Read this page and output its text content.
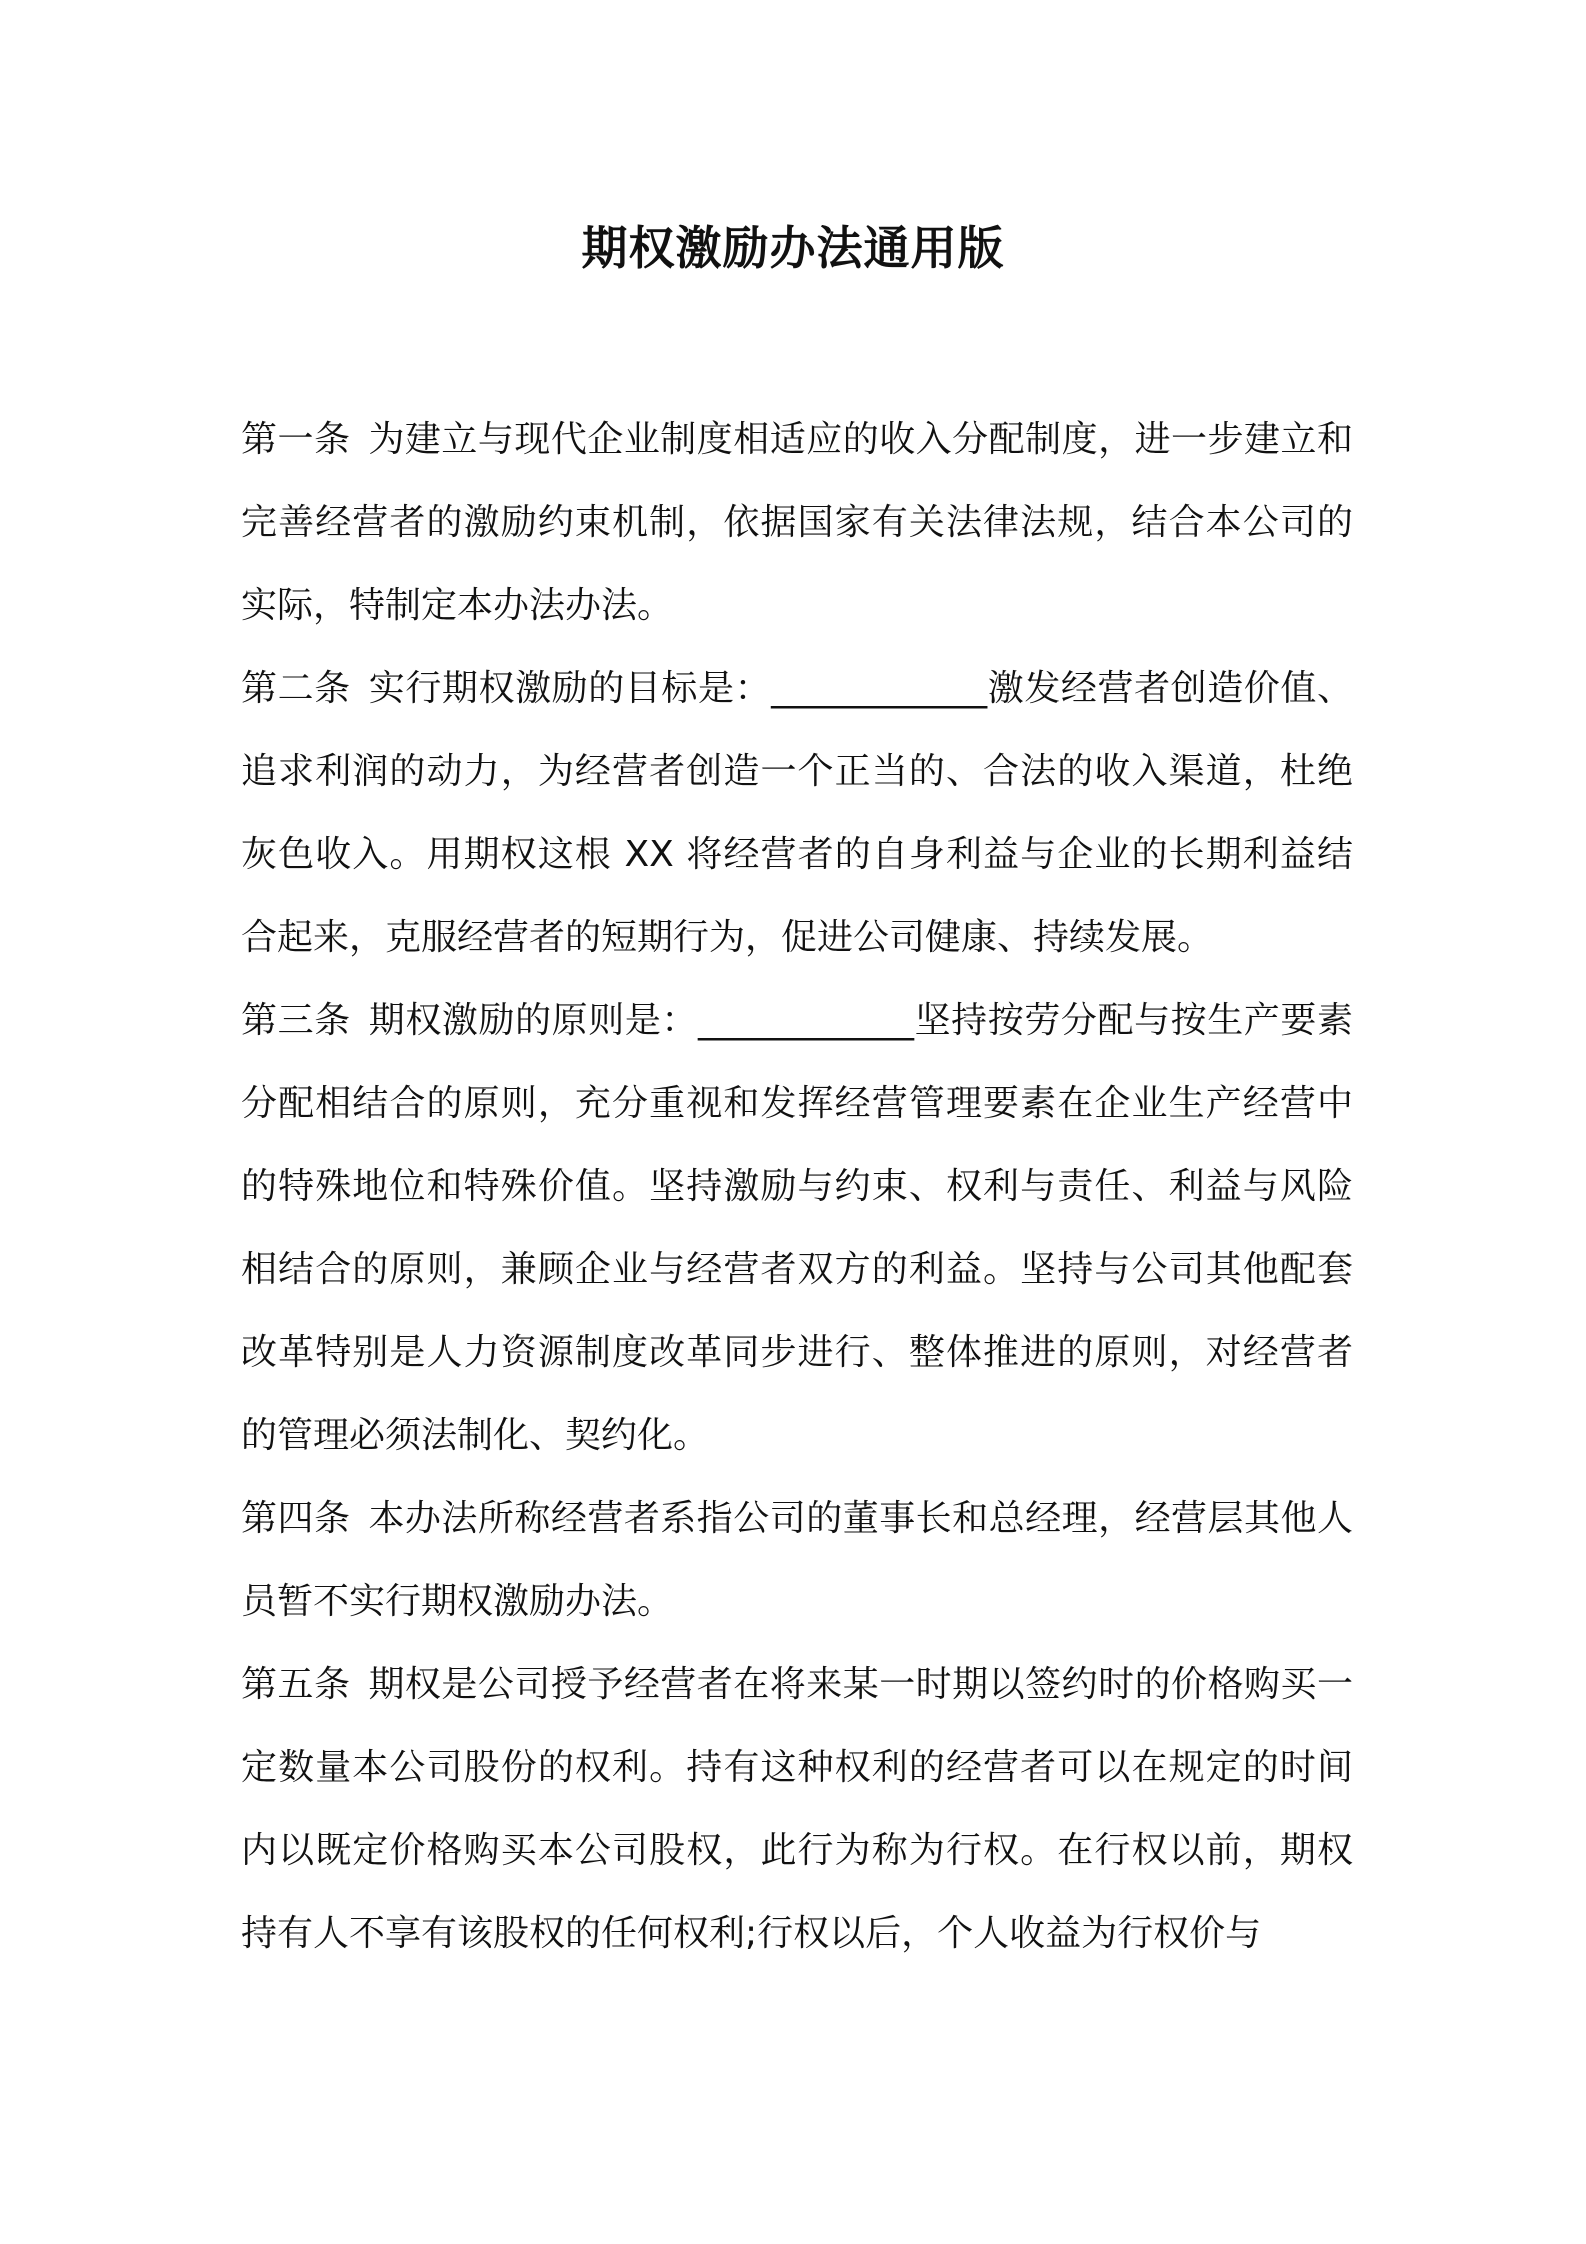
期权激励办法通用版

第一条 为建立与现代企业制度相适应的收入分配制度，进一步建立和完善经营者的激励约束机制，依据国家有关法律法规，结合本公司的实际，特制定本办法办法。

第二条 实行期权激励的目标是：____________激发经营者创造价值、追求利润的动力，为经营者创造一个正当的、合法的收入渠道，杜绝灰色收入。用期权这根 XX 将经营者的自身利益与企业的长期利益结合起来，克服经营者的短期行为，促进公司健康、持续发展。

第三条 期权激励的原则是：____________坚持按劳分配与按生产要素分配相结合的原则，充分重视和发挥经营管理要素在企业生产经营中的特殊地位和特殊价值。坚持激励与约束、权利与责任、利益与风险相结合的原则，兼顾企业与经营者双方的利益。坚持与公司其他配套改革特别是人力资源制度改革同步进行、整体推进的原则，对经营者的管理必须法制化、契约化。

第四条 本办法所称经营者系指公司的董事长和总经理，经营层其他人员暂不实行期权激励办法。

第五条 期权是公司授予经营者在将来某一时期以签约时的价格购买一定数量本公司股份的权利。持有这种权利的经营者可以在规定的时间内以既定价格购买本公司股权，此行为称为行权。在行权以前，期权持有人不享有该股权的任何权利;行权以后，个人收益为行权价与
